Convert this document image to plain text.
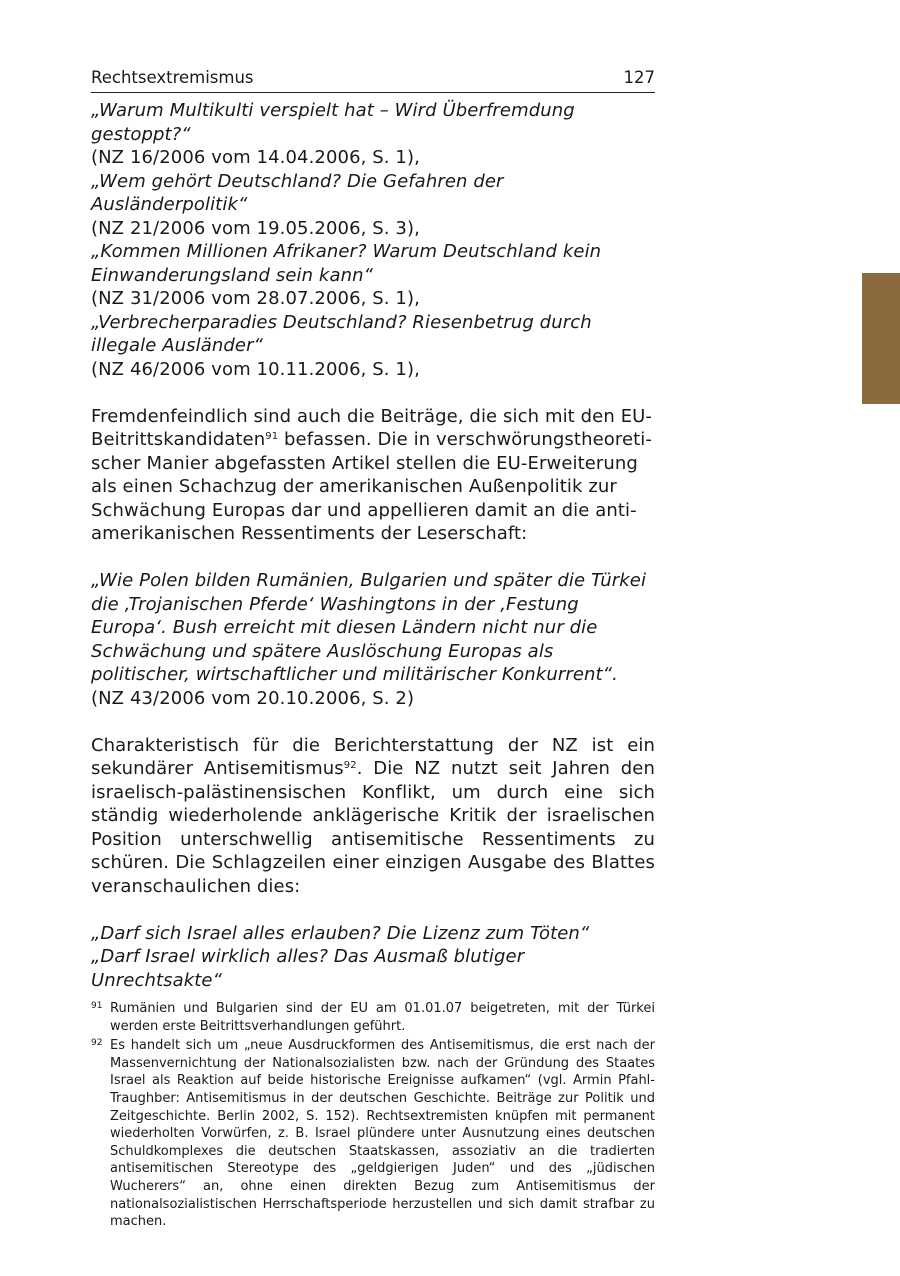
Rechtsextremismus	127

„Warum Multikulti verspielt hat – Wird Überfremdung gestoppt?“

(NZ 16/2006 vom 14.04.2006, S. 1),

„Wem gehört Deutschland? Die Gefahren der Ausländerpolitik“

(NZ 21/2006 vom 19.05.2006, S. 3),

„Kommen Millionen Afrikaner? Warum Deutschland kein Einwanderungsland sein kann“

(NZ 31/2006 vom 28.07.2006, S. 1),

„Verbrecherparadies Deutschland? Riesenbetrug durch illegale Ausländer“

(NZ 46/2006 vom 10.11.2006, S. 1),

Fremdenfeindlich sind auch die Beiträge, die sich mit den EU-Beitrittskandidaten$^{91}$ befassen. Die in verschwörungstheoretischer Manier abgefassten Artikel stellen die EU-Erweiterung als einen Schachzug der amerikanischen Außenpolitik zur Schwächung Europas dar und appellieren damit an die antiamerikanischen Ressentiments der Leserschaft:

„Wie Polen bilden Rumänien, Bulgarien und später die Türkei die ‚Trojanischen Pferde‘ Washingtons in der ‚Festung Europa‘. Bush erreicht mit diesen Ländern nicht nur die Schwächung und spätere Auslöschung Europas als politischer, wirtschaftlicher und militärischer Konkurrent“.

(NZ 43/2006 vom 20.10.2006, S. 2)

Charakteristisch für die Berichterstattung der NZ ist ein sekundärer Antisemitismus$^{92}$. Die NZ nutzt seit Jahren den israelisch-palästinensischen Konflikt, um durch eine sich ständig wiederholende anklägerische Kritik der israelischen Position unterschwellig antisemitische Ressentiments zu schüren. Die Schlagzeilen einer einzigen Ausgabe des Blattes veranschaulichen dies:

„Darf sich Israel alles erlauben? Die Lizenz zum Töten“

„Darf Israel wirklich alles? Das Ausmaß blutiger Unrechtsakte“

91 Rumänien und Bulgarien sind der EU am 01.01.07 beigetreten, mit der Türkei werden erste Beitrittsverhandlungen geführt.
92 Es handelt sich um „neue Ausdruckformen des Antisemitismus, die erst nach der Massenvernichtung der Nationalsozialisten bzw. nach der Gründung des Staates Israel als Reaktion auf beide historische Ereignisse aufkamen“ (vgl. Armin Pfahl-Traughber: Antisemitismus in der deutschen Geschichte. Beiträge zur Politik und Zeitgeschichte. Berlin 2002, S. 152). Rechtsextremisten knüpfen mit permanent wiederholten Vorwürfen, z. B. Israel plündere unter Ausnutzung eines deutschen Schuldkomplexes die deutschen Staatskassen, assoziativ an die tradierten antisemitischen Stereotype des „geldgierigen Juden“ und des „jüdischen Wucherers“ an, ohne einen direkten Bezug zum Antisemitismus der nationalsozialistischen Herrschaftsperiode herzustellen und sich damit strafbar zu machen.
